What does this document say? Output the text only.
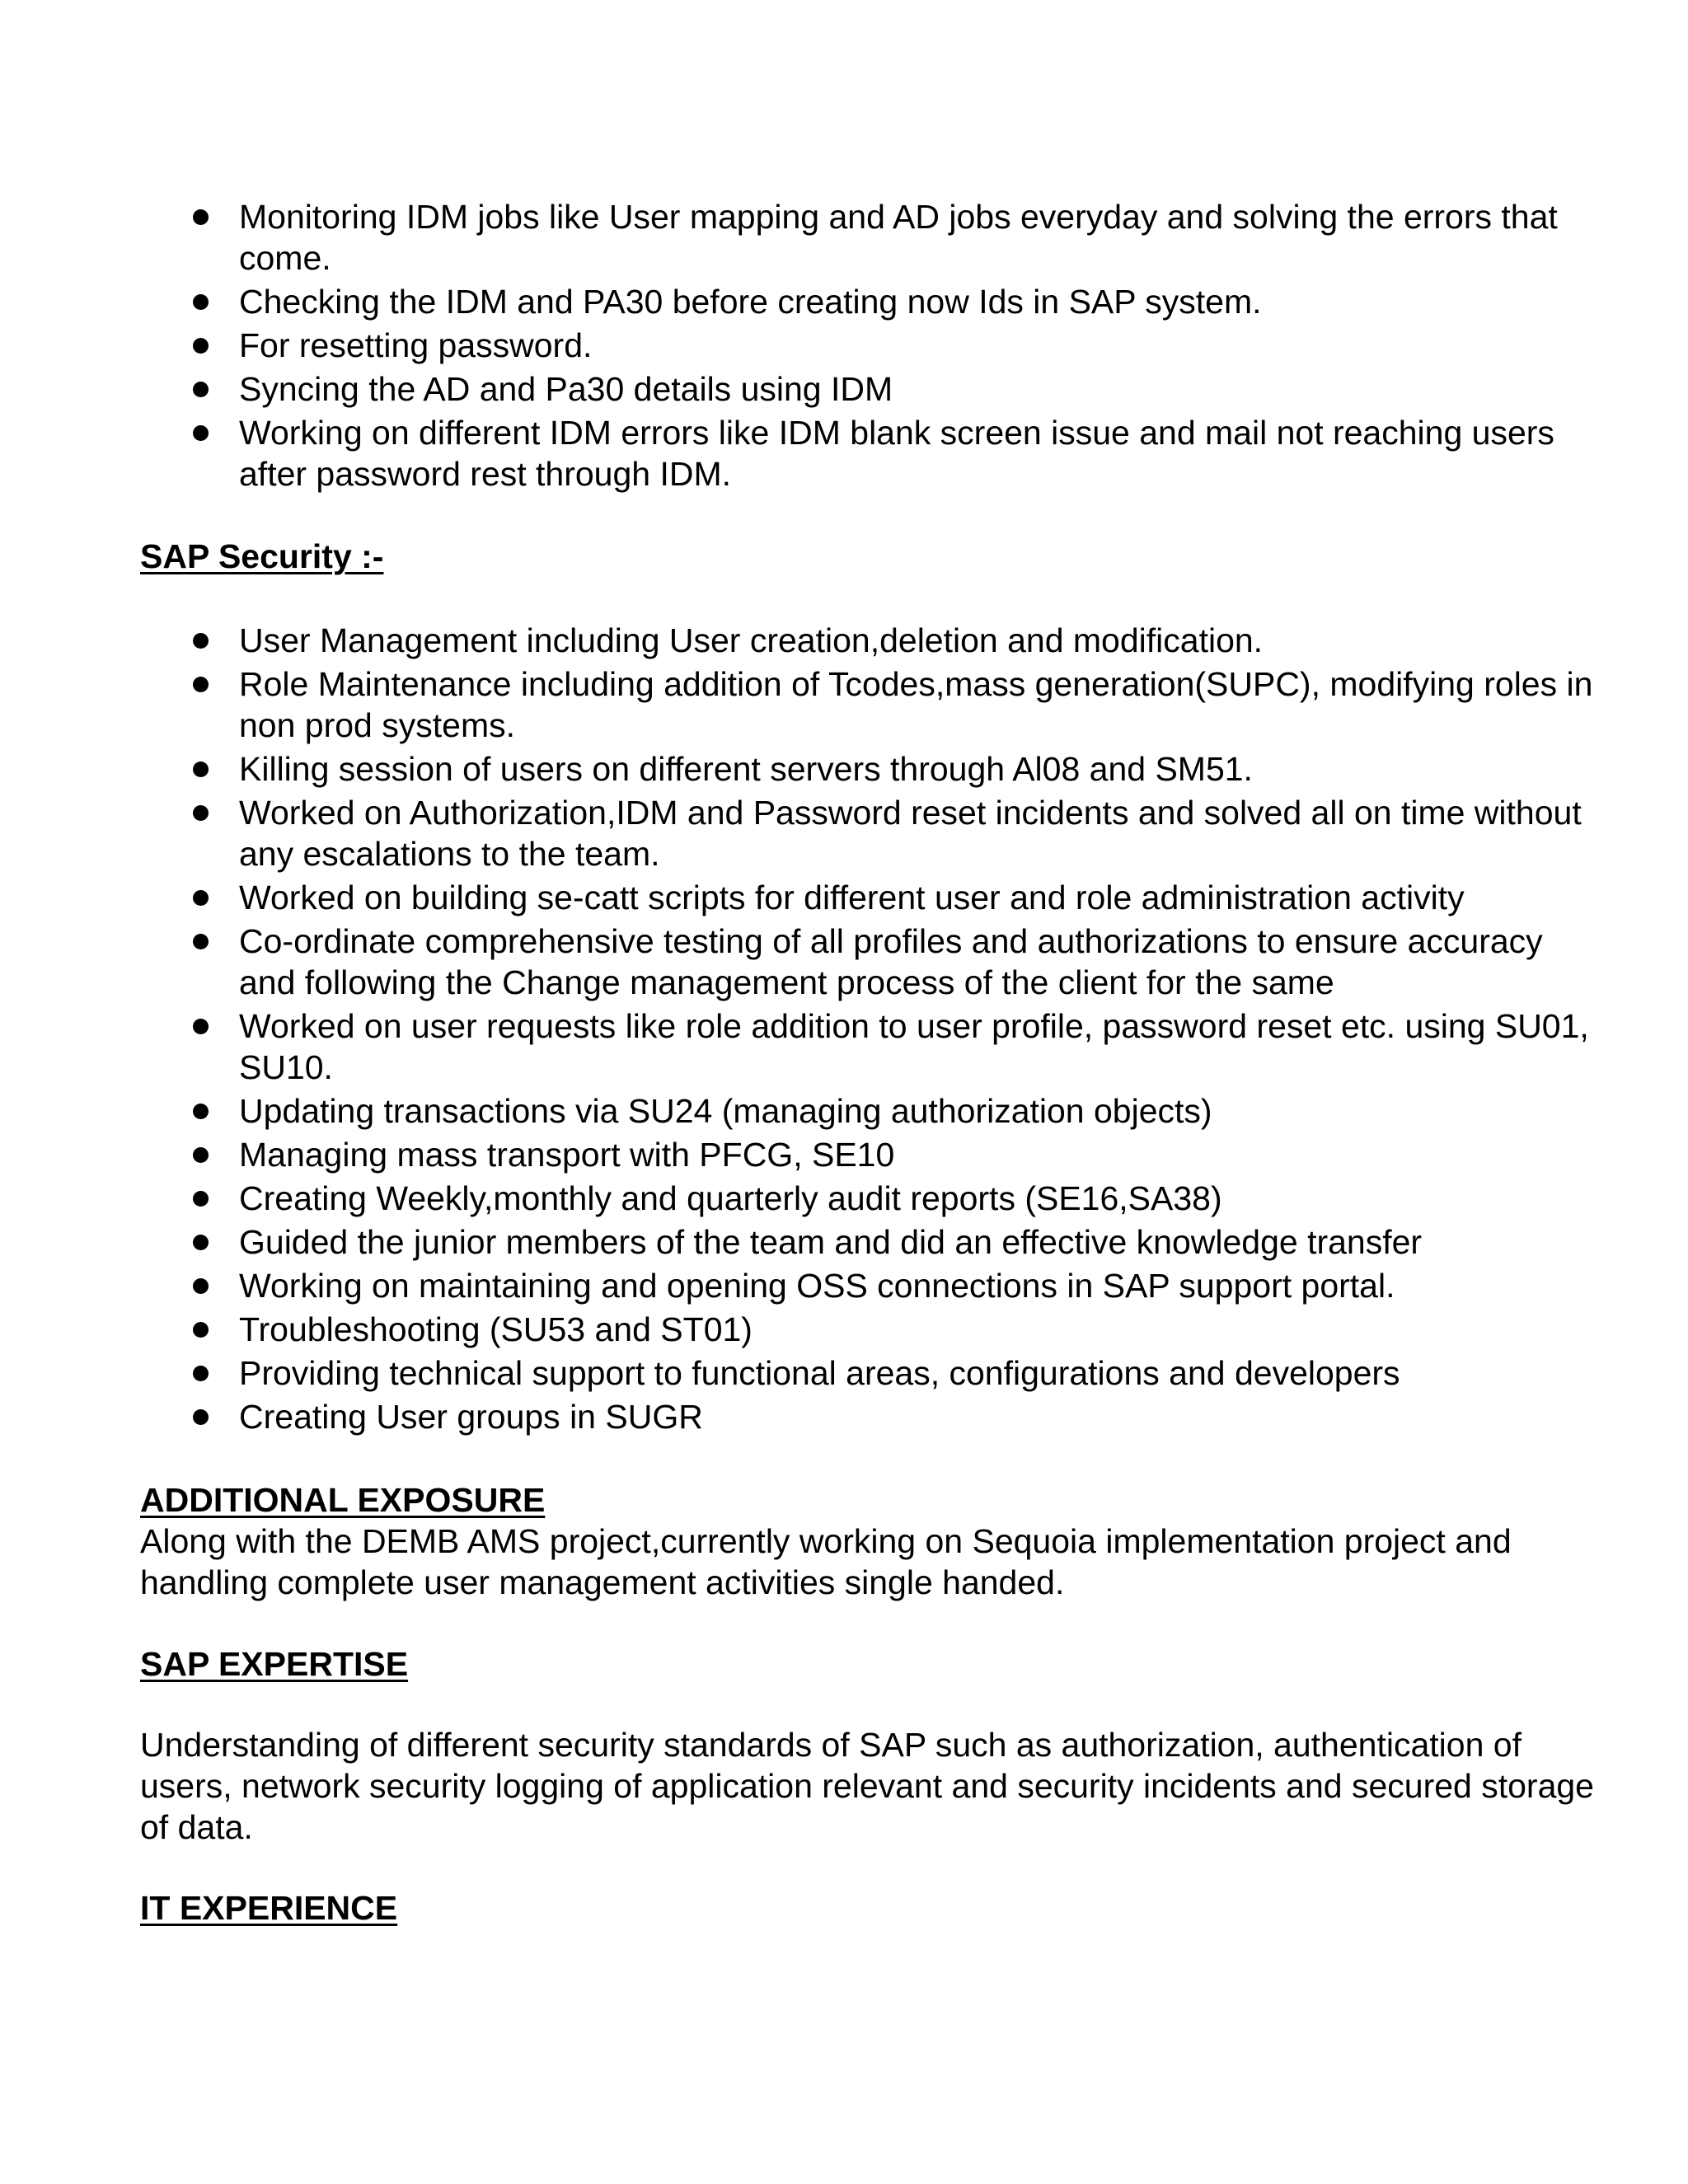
Monitoring IDM jobs like User mapping and AD jobs everyday and solving the errors that come.
Checking the IDM and PA30 before creating now Ids in SAP system.
For resetting password.
Syncing the AD and Pa30 details using IDM
Working on different IDM errors like IDM blank screen issue and mail not reaching users after password rest through IDM.

SAP Security :-

User Management including User creation,deletion and modification.
Role Maintenance including addition of Tcodes,mass generation(SUPC), modifying roles in non prod systems.
Killing session of users on different servers through Al08 and SM51.
Worked on Authorization,IDM and Password reset incidents and solved all on time without any escalations to the team.
Worked on building se-catt scripts for different user and role administration activity
Co-ordinate comprehensive testing of all profiles and authorizations to ensure accuracy and following the Change management process of the client for the same
Worked on user requests like role addition to user profile, password reset etc. using SU01, SU10.
Updating transactions via SU24 (managing authorization objects)
Managing mass transport with PFCG, SE10
Creating Weekly,monthly and quarterly audit reports (SE16,SA38)
Guided the junior members of the team and did an effective knowledge transfer
Working on maintaining and opening OSS connections in SAP support portal.
Troubleshooting (SU53 and ST01)
Providing technical support to functional areas, configurations and developers
Creating User groups in SUGR

ADDITIONAL EXPOSURE

Along with the DEMB AMS project,currently working on Sequoia implementation project and handling complete user management activities single handed.

SAP EXPERTISE

Understanding of different security standards of SAP such as authorization, authentication of users, network security logging of application relevant and security incidents and secured storage of data.

IT EXPERIENCE
